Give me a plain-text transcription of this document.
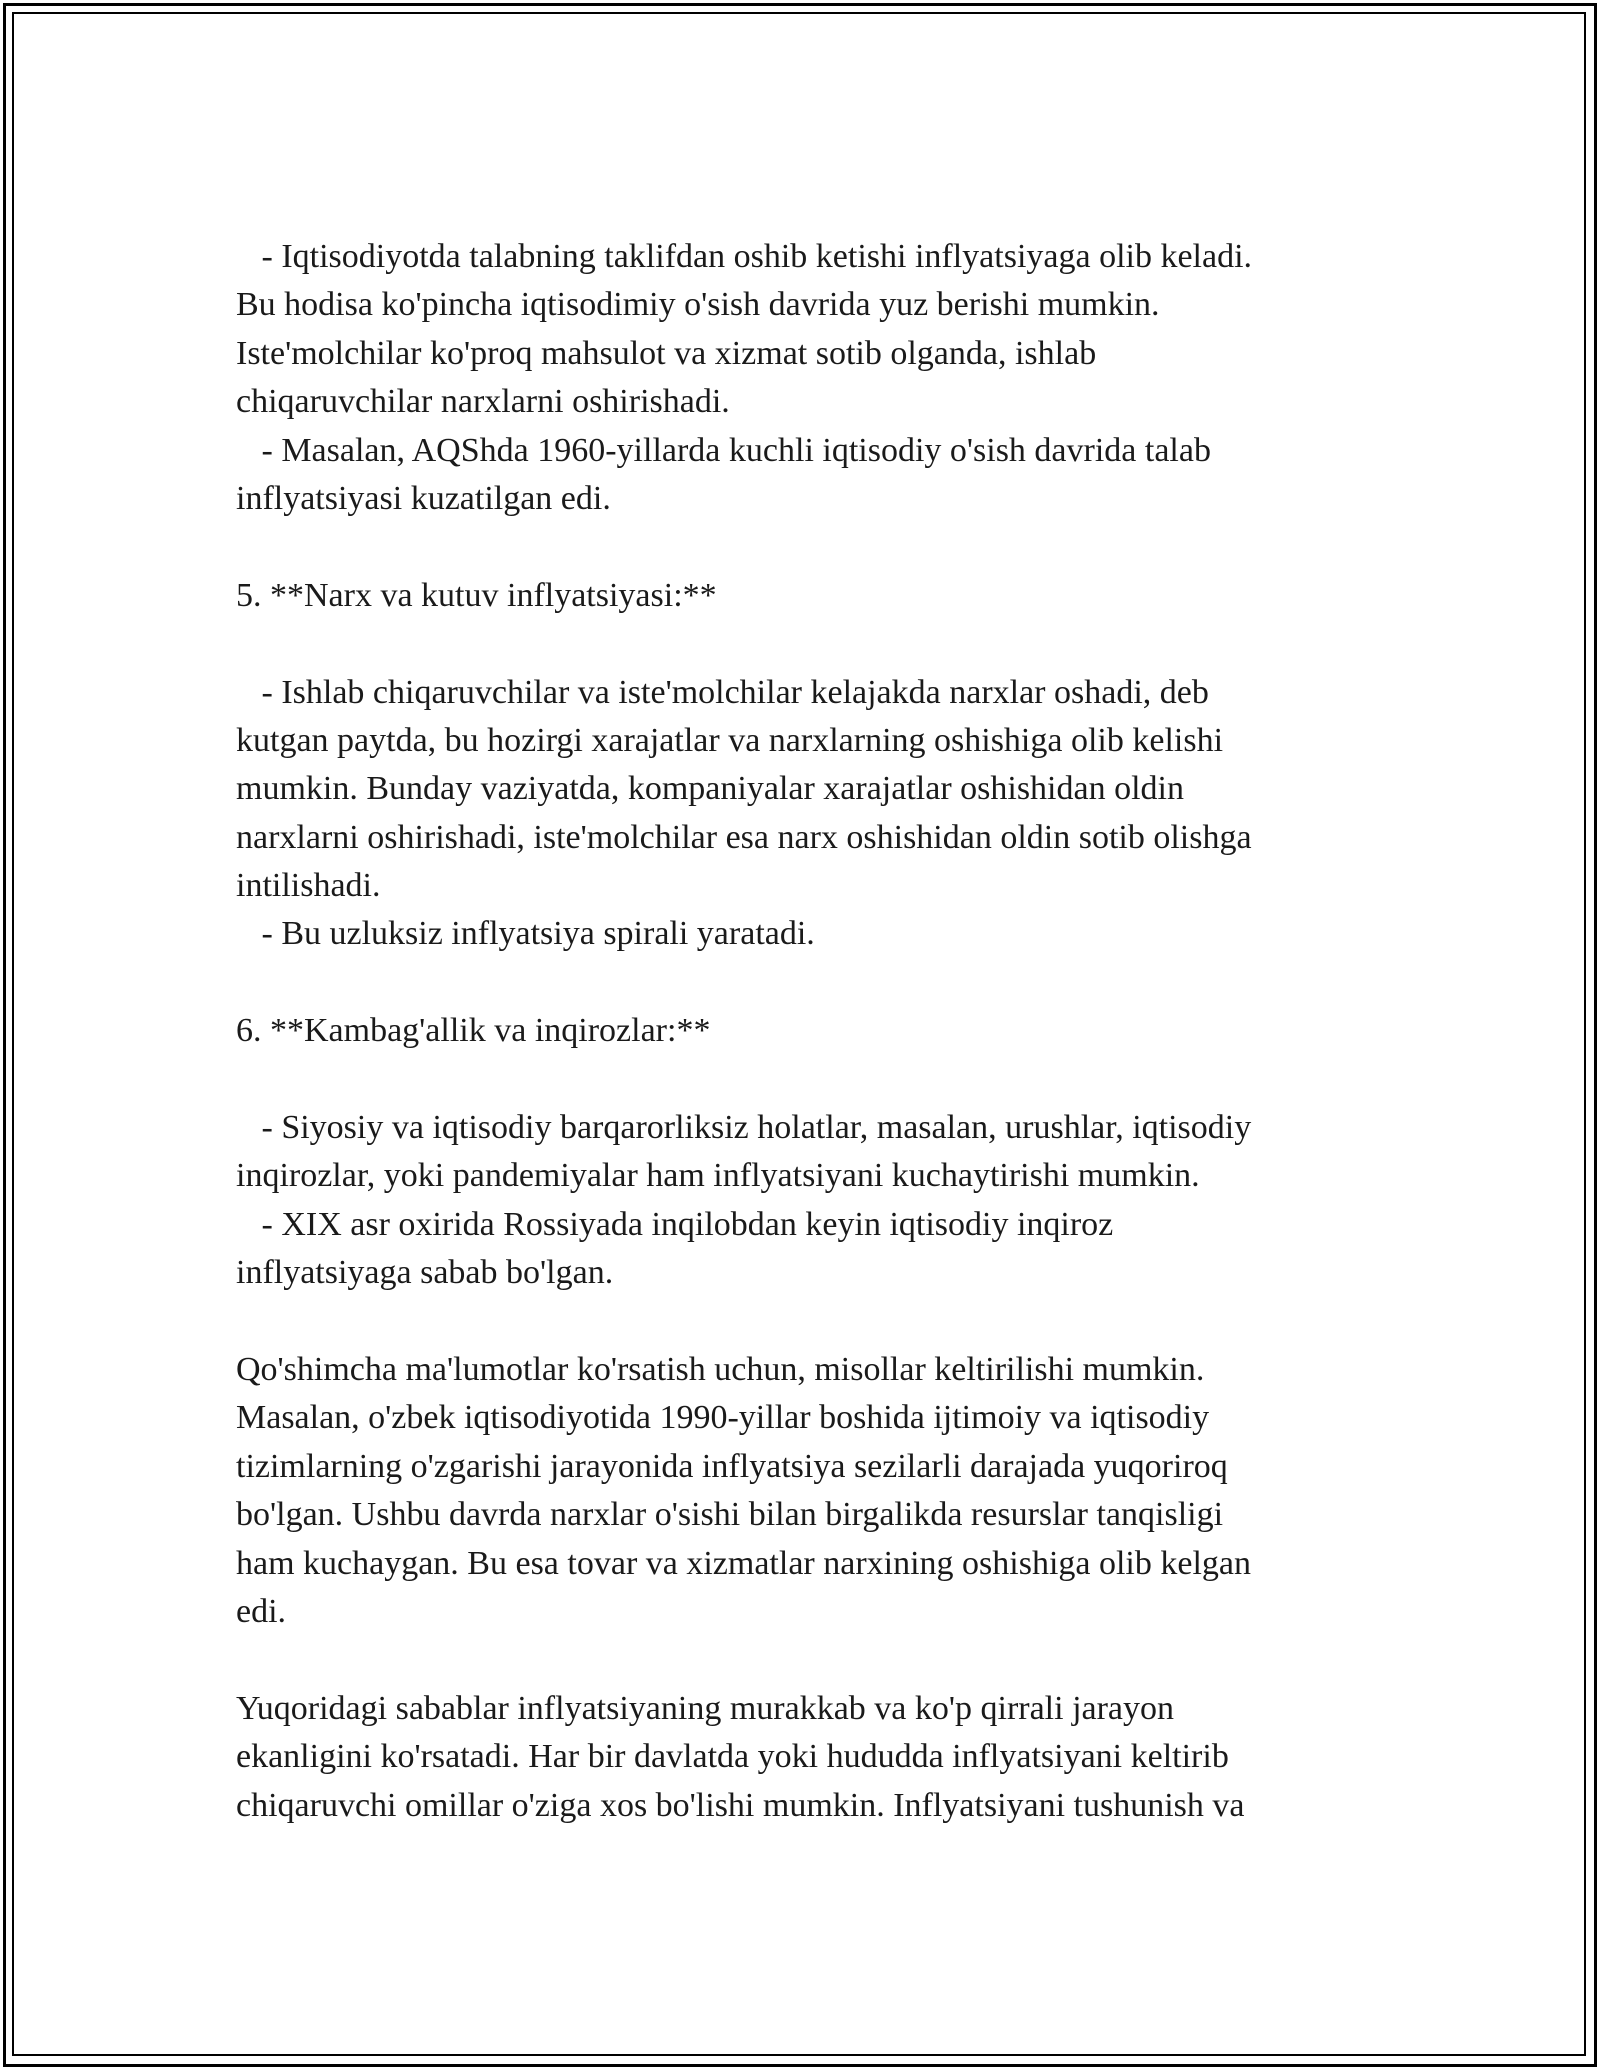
- Iqtisodiyotda talabning taklifdan oshib ketishi inflyatsiyaga olib keladi.
Bu hodisa ko'pincha iqtisodimiy o'sish davrida yuz berishi mumkin.
Iste'molchilar ko'proq mahsulot va xizmat sotib olganda, ishlab
chiqaruvchilar narxlarni oshirishadi.
- Masalan, AQShda 1960-yillarda kuchli iqtisodiy o'sish davrida talab
inflyatsiyasi kuzatilgan edi.
5. **Narx va kutuv inflyatsiyasi:**
- Ishlab chiqaruvchilar va iste'molchilar kelajakda narxlar oshadi, deb
kutgan paytda, bu hozirgi xarajatlar va narxlarning oshishiga olib kelishi
mumkin. Bunday vaziyatda, kompaniyalar xarajatlar oshishidan oldin
narxlarni oshirishadi, iste'molchilar esa narx oshishidan oldin sotib olishga
intilishadi.
- Bu uzluksiz inflyatsiya spirali yaratadi.
6. **Kambag'allik va inqirozlar:**
- Siyosiy va iqtisodiy barqarorliksiz holatlar, masalan, urushlar, iqtisodiy
inqirozlar, yoki pandemiyalar ham inflyatsiyani kuchaytirishi mumkin.
- XIX asr oxirida Rossiyada inqilobdan keyin iqtisodiy inqiroz
inflyatsiyaga sabab bo'lgan.
Qo'shimcha ma'lumotlar ko'rsatish uchun, misollar keltirilishi mumkin.
Masalan, o'zbek iqtisodiyotida 1990-yillar boshida ijtimoiy va iqtisodiy
tizimlarning o'zgarishi jarayonida inflyatsiya sezilarli darajada yuqoriroq
bo'lgan. Ushbu davrda narxlar o'sishi bilan birgalikda resurslar tanqisligi
ham kuchaygan. Bu esa tovar va xizmatlar narxining oshishiga olib kelgan
edi.
Yuqoridagi sabablar inflyatsiyaning murakkab va ko'p qirrali jarayon
ekanligini ko'rsatadi. Har bir davlatda yoki hududda inflyatsiyani keltirib
chiqaruvchi omillar o'ziga xos bo'lishi mumkin. Inflyatsiyani tushunish va
